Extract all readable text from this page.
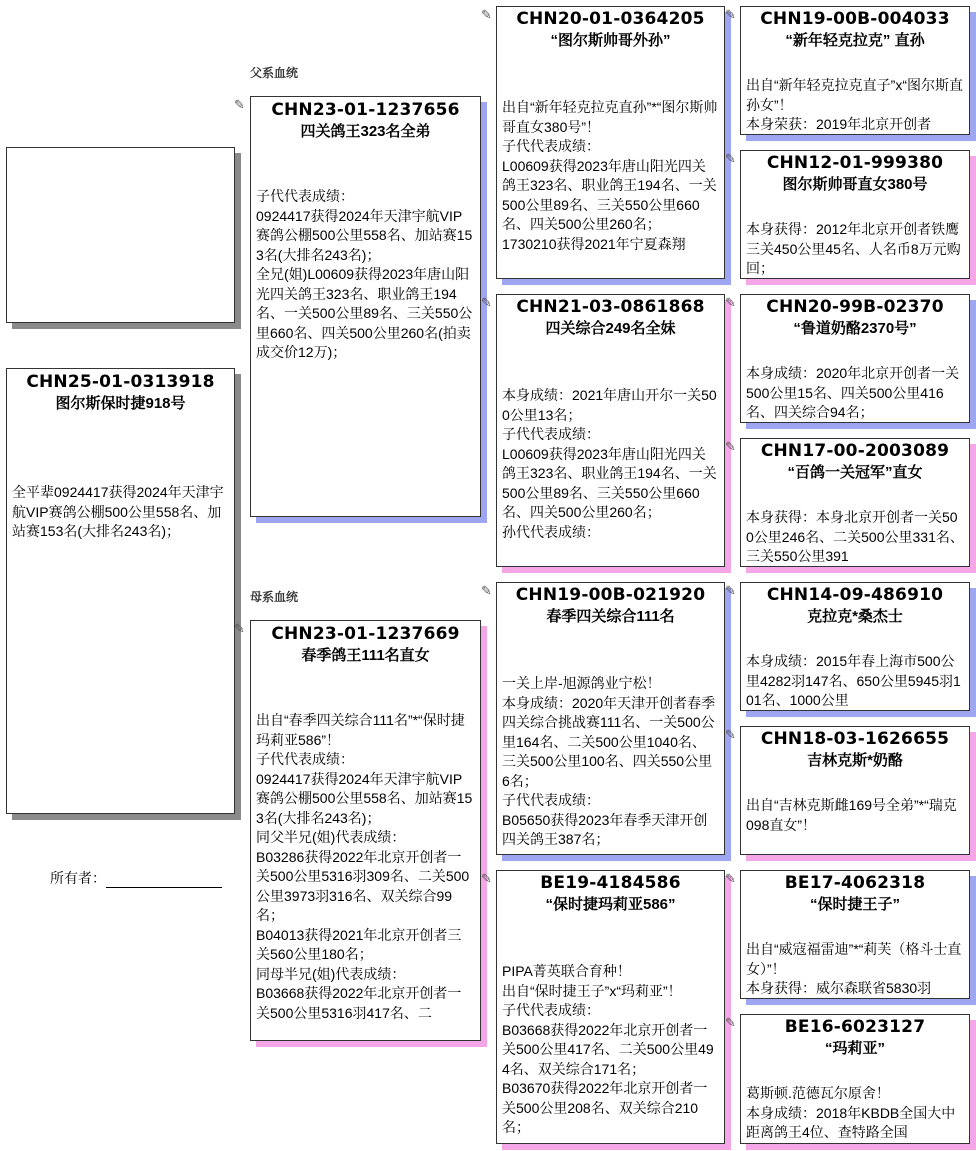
CHN25-01-0313918
图尔斯保时捷918号
全平辈0924417获得2024年天津宇航VIP赛鸽公棚500公里558名、加站赛153名(大排名243名)；
所有者：
父系血统
母系血统
✎	CHN23-01-1237656
四关鸽王323名全弟
子代代表成绩：
0924417获得2024年天津宇航VIP赛鸽公棚500公里558名、加站赛153名(大排名243名)；
全兄(姐)L00609获得2023年唐山阳光四关鸽王323名、职业鸽王194名、一关500公里89名、三关550公里660名、四关500公里260名(拍卖成交价12万)；
✎	CHN23-01-1237669
春季鸽王111名直女
出自“春季四关综合111名”*“保时捷玛莉亚586”！
子代代表成绩：
0924417获得2024年天津宇航VIP赛鸽公棚500公里558名、加站赛153名(大排名243名)；
同父半兄(姐)代表成绩：
B03286获得2022年北京开创者一关500公里5316羽309名、二关500公里3973羽316名、双关综合99名；
B04013获得2021年北京开创者三关560公里180名；
同母半兄(姐)代表成绩：
B03668获得2022年北京开创者一关500公里5316羽417名、二
✎	CHN20-01-0364205
“图尔斯帅哥外孙”
出自“新年轻克拉克直孙”*“图尔斯帅哥直女380号”！
子代代表成绩：
L00609获得2023年唐山阳光四关鸽王323名、职业鸽王194名、一关500公里89名、三关550公里660名、四关500公里260名；
1730210获得2021年宁夏森翔
✎	CHN21-03-0861868
四关综合249名全妹
本身成绩：2021年唐山开尔一关500公里13名；
子代代表成绩：
L00609获得2023年唐山阳光四关鸽王323名、职业鸽王194名、一关500公里89名、三关550公里660名、四关500公里260名；
孙代代表成绩：
✎	CHN19-00B-021920
春季四关综合111名
一关上岸-旭源鸽业宁松！
本身成绩：2020年天津开创者春季四关综合挑战赛111名、一关500公里164名、二关500公里1040名、三关500公里100名、四关550公里6名；
子代代表成绩：
B05650获得2023年春季天津开创四关鸽王387名；
✎	BE19-4184586
“保时捷玛莉亚586”
PIPA菁英联合育种！
出自“保时捷王子”x“玛莉亚”！
子代代表成绩：
B03668获得2022年北京开创者一关500公里417名、二关500公里494名、双关综合171名；
B03670获得2022年北京开创者一关500公里208名、双关综合210名；
✎	CHN19-00B-004033
“新年轻克拉克” 直孙
出自“新年轻克拉克直子”x“图尔斯直孙女”！
本身荣获：2019年北京开创者
✎	CHN12-01-999380
图尔斯帅哥直女380号
本身获得：2012年北京开创者铁鹰三关450公里45名、人名币8万元购回；
✎	CHN20-99B-02370
“鲁道奶酪2370号”
本身成绩：2020年北京开创者一关500公里15名、四关500公里416名、四关综合94名；
✎	CHN17-00-2003089
“百鸽一关冠军”直女
本身获得：本身北京开创者一关500公里246名、二关500公里331名、三关550公里391
✎	CHN14-09-486910
克拉克*桑杰士
本身成绩：2015年春上海市500公里4282羽147名、650公里5945羽101名、1000公里
✎	CHN18-03-1626655
吉林克斯*奶酪
出自“吉林克斯雌169号全弟”*“瑞克098直女”！
✎	BE17-4062318
“保时捷王子”
出自“威寇福雷迪”*“莉芙（格斗士直女）”！
本身获得：威尔森联省5830羽
✎	BE16-6023127
“玛莉亚”
葛斯顿.范德瓦尔原舍！
本身成绩：2018年KBDB全国大中距离鸽王4位、查特路全国
